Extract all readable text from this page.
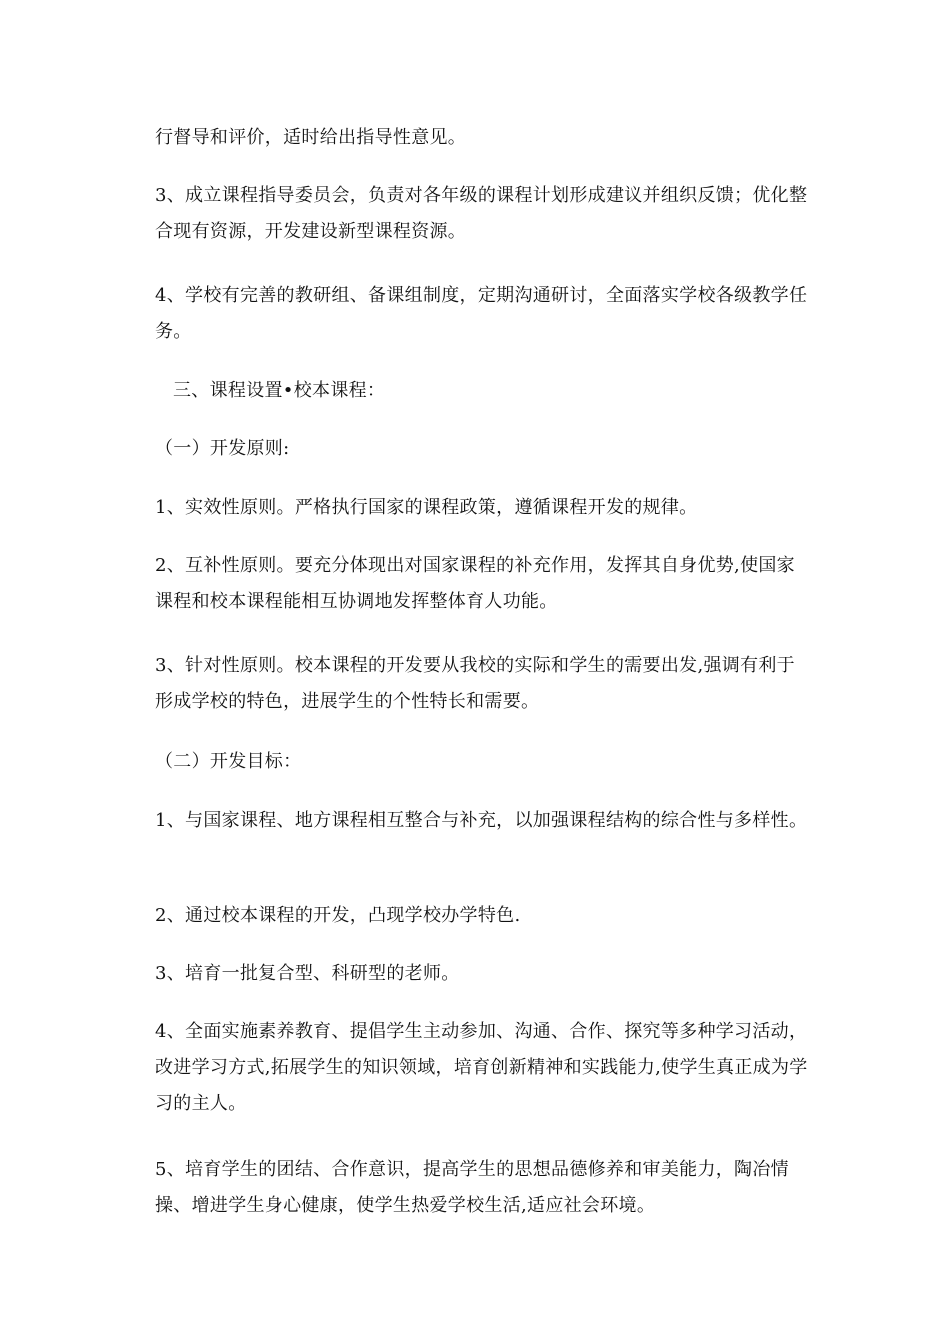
行督导和评价，适时给出指导性意见。

3、成立课程指导委员会，负责对各年级的课程计划形成建议并组织反馈；优化整合现有资源，开发建设新型课程资源。

4、学校有完善的教研组、备课组制度，定期沟通研讨，全面落实学校各级教学任务。

三、课程设置•校本课程：

（一）开发原则:

1、实效性原则。严格执行国家的课程政策，遵循课程开发的规律。

2、互补性原则。要充分体现出对国家课程的补充作用，发挥其自身优势,使国家课程和校本课程能相互协调地发挥整体育人功能。

3、针对性原则。校本课程的开发要从我校的实际和学生的需要出发,强调有利于形成学校的特色，进展学生的个性特长和需要。

（二）开发目标：

1、与国家课程、地方课程相互整合与补充，以加强课程结构的综合性与多样性。

2、通过校本课程的开发，凸现学校办学特色.

3、培育一批复合型、科研型的老师。

4、全面实施素养教育、提倡学生主动参加、沟通、合作、探究等多种学习活动，改进学习方式,拓展学生的知识领域，培育创新精神和实践能力,使学生真正成为学习的主人。

5、培育学生的团结、合作意识，提高学生的思想品德修养和审美能力，陶冶情操、增进学生身心健康，使学生热爱学校生活,适应社会环境。
